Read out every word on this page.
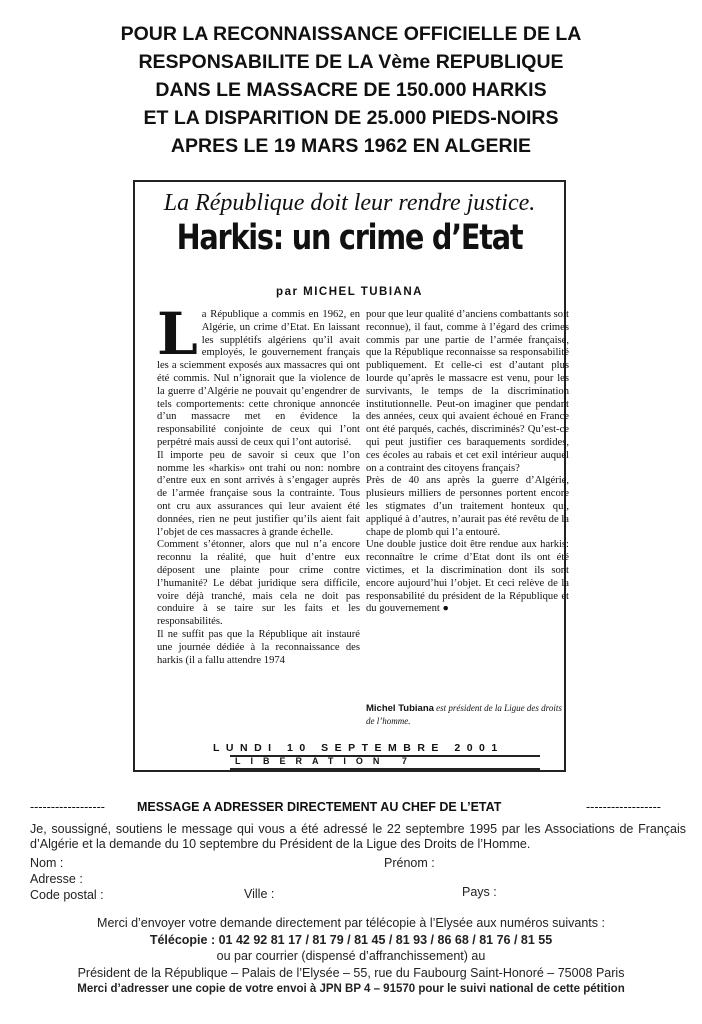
POUR LA RECONNAISSANCE OFFICIELLE DE LA
RESPONSABILITE DE LA Vème REPUBLIQUE
DANS LE MASSACRE DE 150.000 HARKIS
ET LA DISPARITION DE 25.000 PIEDS-NOIRS
APRES LE 19 MARS 1962 EN ALGERIE
La République doit leur rendre justice.
Harkis: un crime d’Etat
par MICHEL TUBIANA

La République a commis en 1962, en Algérie, un crime d’Etat. En laissant les supplétifs algériens qu’il avait employés, le gouvernement français les a sciemment exposés aux massacres qui ont été commis. Nul n’ignorait que la violence de la guerre d’Algérie ne pouvait qu’engendrer de tels comportements: cette chronique annoncée d’un massacre met en évidence la responsabilité conjointe de ceux qui l’ont perpétré mais aussi de ceux qui l’ont autorisé.

Il importe peu de savoir si ceux que l’on nomme les «harkis» ont trahi ou non: nombre d’entre eux en sont arrivés à s’engager auprès de l’armée française sous la contrainte. Tous ont cru aux assurances qui leur avaient été données, rien ne peut justifier qu’ils aient fait l’objet de ces massacres à grande échelle.

Comment s’étonner, alors que nul n’a encore reconnu la réalité, que huit d’entre eux déposent une plainte pour crime contre l’humanité? Le débat juridique sera difficile, voire déjà tranché, mais cela ne doit pas conduire à se taire sur les faits et les responsabilités.

Il ne suffit pas que la République ait instauré une journée dédiée à la reconnaissance des harkis (il a fallu attendre 1974

pour que leur qualité d’anciens combattants soit reconnue), il faut, comme à l’égard des crimes commis par une partie de l’armée française, que la République reconnaisse sa responsabilité publiquement. Et celle-ci est d’autant plus lourde qu’après le massacre est venu, pour les survivants, le temps de la discrimination institutionnelle. Peut-on imaginer que pendant des années, ceux qui avaient échoué en France ont été parqués, cachés, discriminés? Qu’est-ce qui peut justifier ces baraquements sordides, ces écoles au rabais et cet exil intérieur auquel on a contraint des citoyens français?

Près de 40 ans après la guerre d’Algérie, plusieurs milliers de personnes portent encore les stigmates d’un traitement honteux qui, appliqué à d’autres, n’aurait pas été revêtu de la chape de plomb qui l’a entouré.

Une double justice doit être rendue aux harkis: reconnaître le crime d’Etat dont ils ont été victimes, et la discrimination dont ils sont encore aujourd’hui l’objet. Et ceci relève de la responsabilité du président de la République et du gouvernement ●

Michel Tubiana est président de la Ligue des droits de l’homme.
LUNDI 10 SEPTEMBRE 2001
LIBERATION 7
------------------	MESSAGE A ADRESSER DIRECTEMENT AU CHEF DE L’ETAT	------------------
Je, soussigné, soutiens le message qui vous a été adressé le 22 septembre 1995 par les Associations de Français d’Algérie et la demande du 10 septembre du Président de la Ligue des Droits de l’Homme.
Nom :	Prénom :
Adresse :
Code postal :	Ville :	Pays :
Merci d’envoyer votre demande directement par télécopie à l’Elysée aux numéros suivants :
Télécopie : 01 42 92 81 17 / 81 79 / 81 45 / 81 93 / 86 68 / 81 76 / 81 55
ou par courrier (dispensé d’affranchissement) au
Président de la République – Palais de l’Elysée – 55, rue du Faubourg Saint-Honoré – 75008 Paris
Merci d’adresser une copie de votre envoi à JPN BP 4 – 91570 pour le suivi national de cette pétition
